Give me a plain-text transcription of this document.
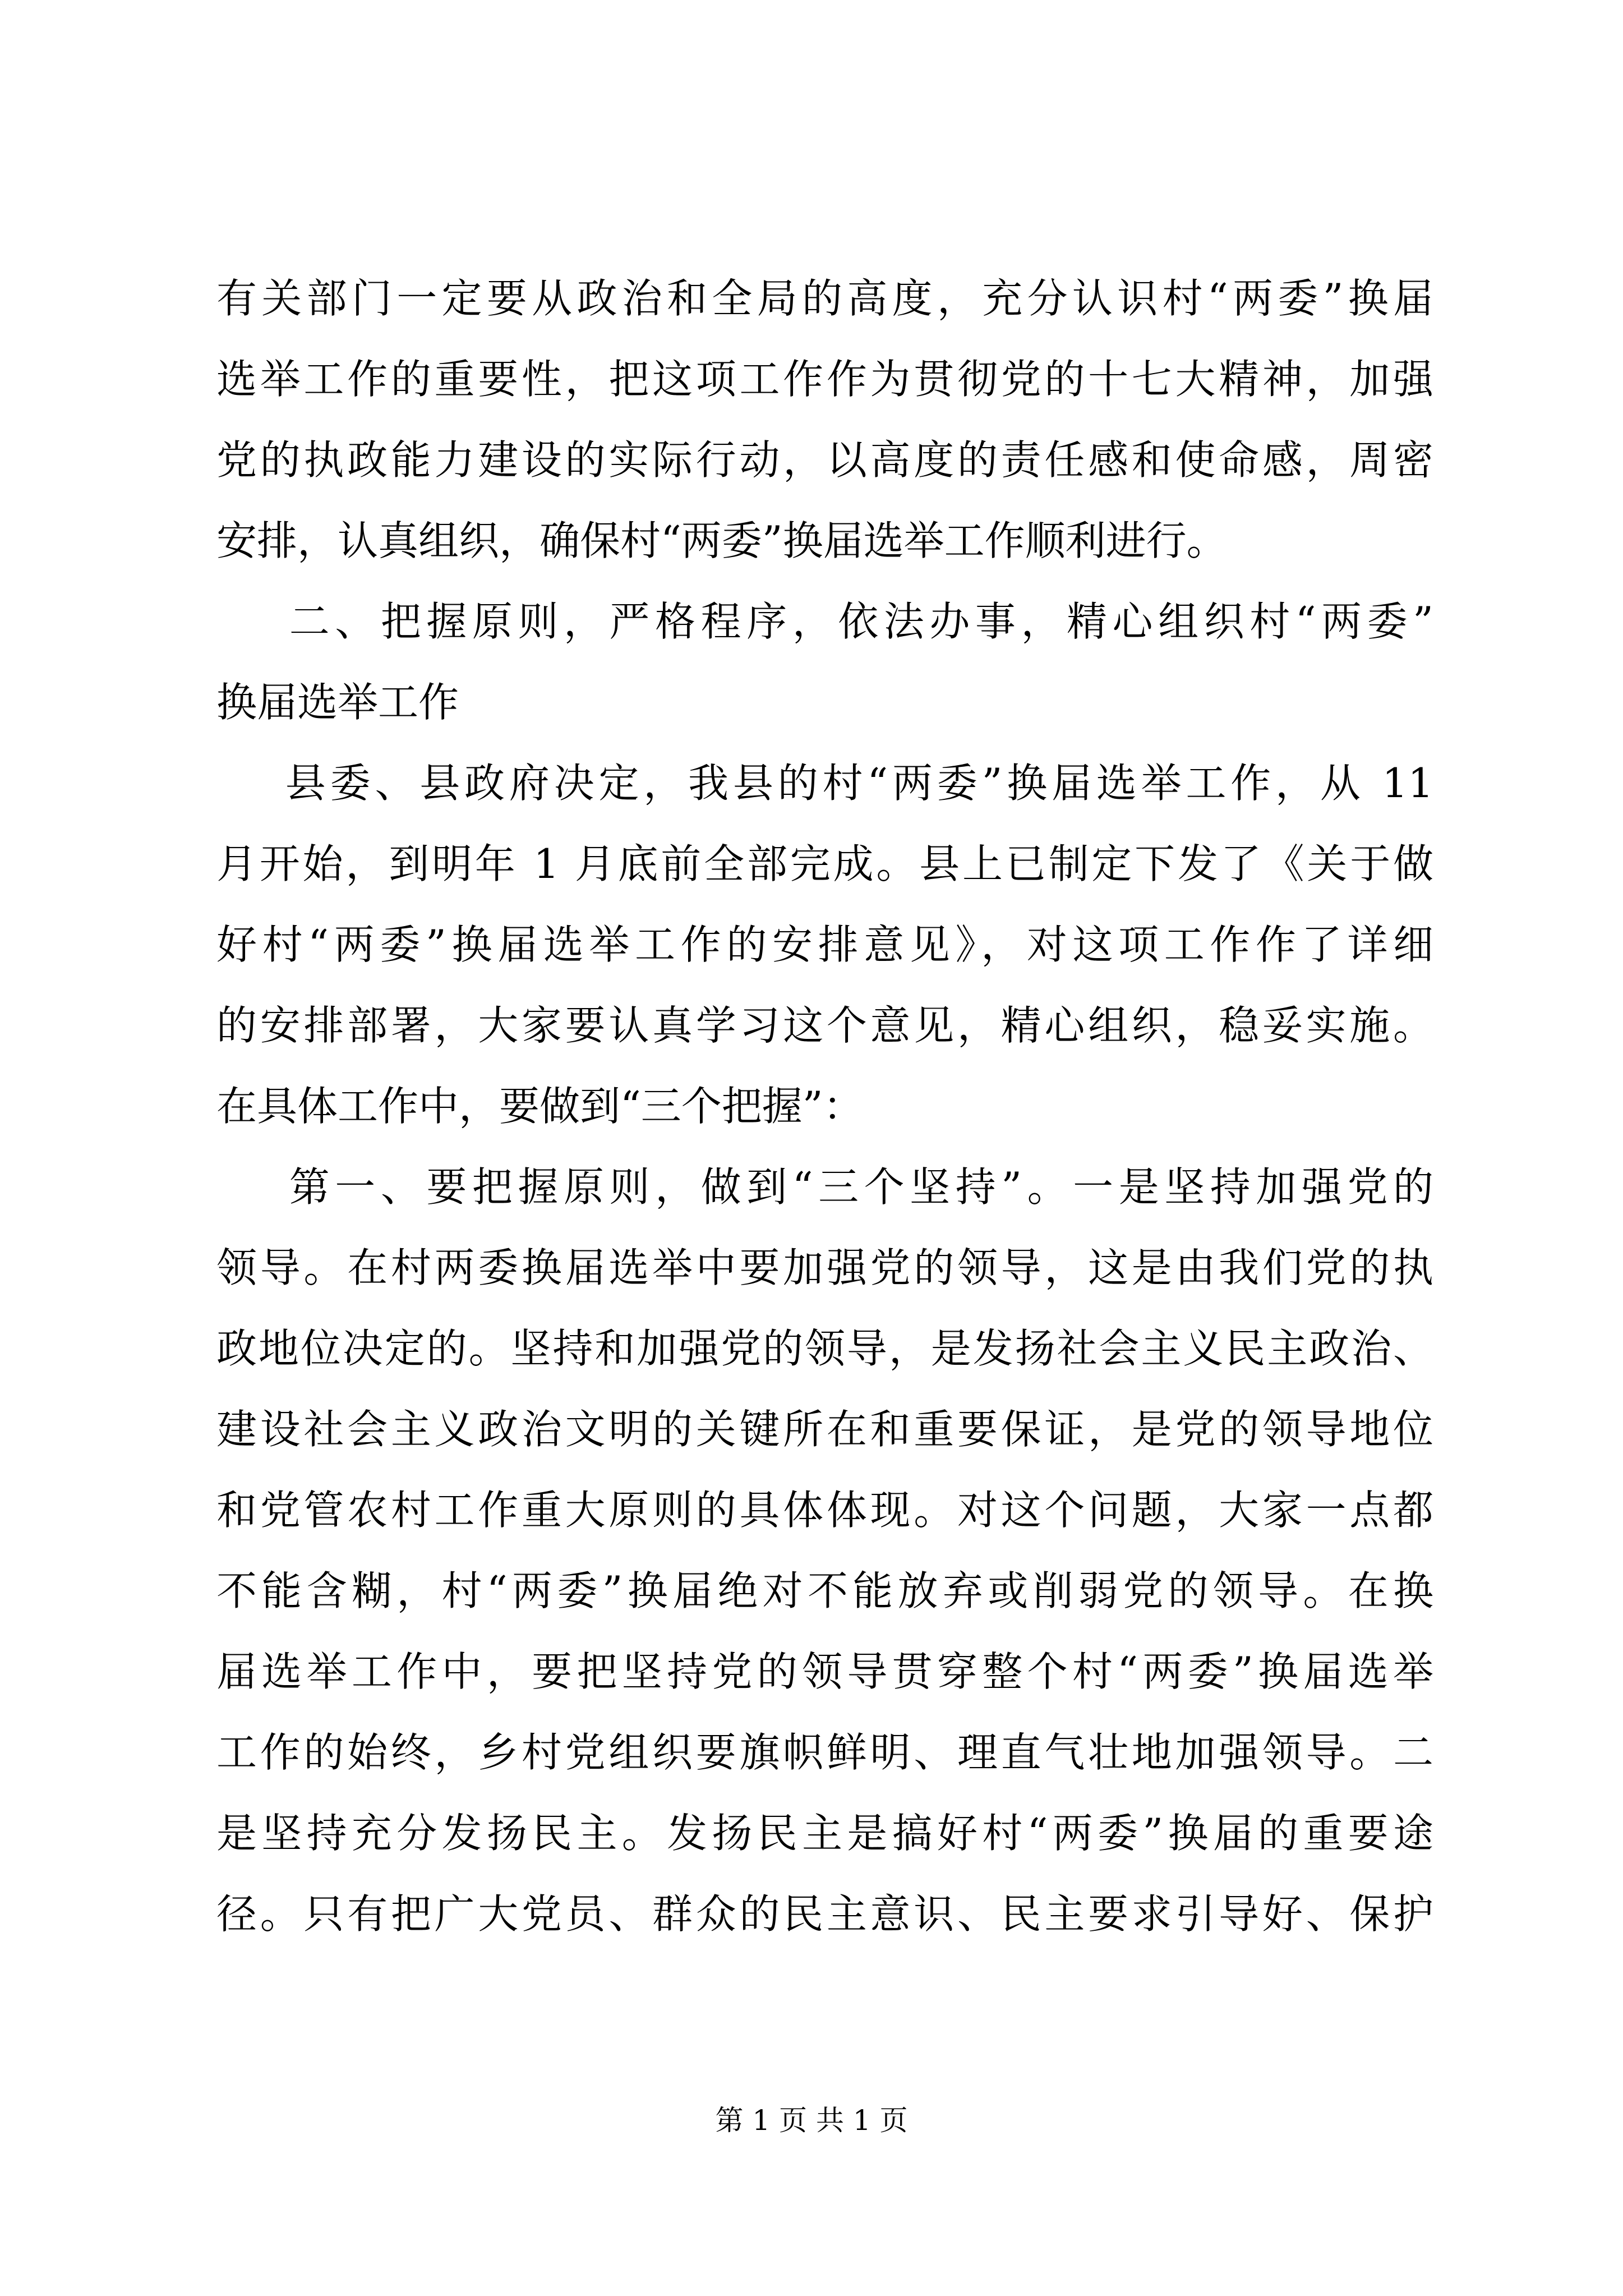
有关部门一定要从政治和全局的高度，充分认识村“两委”换届
选举工作的重要性，把这项工作作为贯彻党的十七大精神，加强
党的执政能力建设的实际行动，以高度的责任感和使命感，周密
安排，认真组织，确保村“两委”换届选举工作顺利进行。
二、把握原则，严格程序，依法办事，精心组织村“两委”
换届选举工作
县委、县政府决定，我县的村“两委”换届选举工作，从 11
月开始，到明年 1 月底前全部完成。县上已制定下发了《关于做
好村“两委”换届选举工作的安排意见》，对这项工作作了详细
的安排部署，大家要认真学习这个意见，精心组织，稳妥实施。
在具体工作中，要做到“三个把握”：
第一、要把握原则，做到“三个坚持”。一是坚持加强党的
领导。在村两委换届选举中要加强党的领导，这是由我们党的执
政地位决定的。坚持和加强党的领导，是发扬社会主义民主政治、
建设社会主义政治文明的关键所在和重要保证，是党的领导地位
和党管农村工作重大原则的具体体现。对这个问题，大家一点都
不能含糊，村“两委”换届绝对不能放弃或削弱党的领导。在换
届选举工作中，要把坚持党的领导贯穿整个村“两委”换届选举
工作的始终，乡村党组织要旗帜鲜明、理直气壮地加强领导。二
是坚持充分发扬民主。发扬民主是搞好村“两委”换届的重要途
径。只有把广大党员、群众的民主意识、民主要求引导好、保护
第 1 页 共 1 页
